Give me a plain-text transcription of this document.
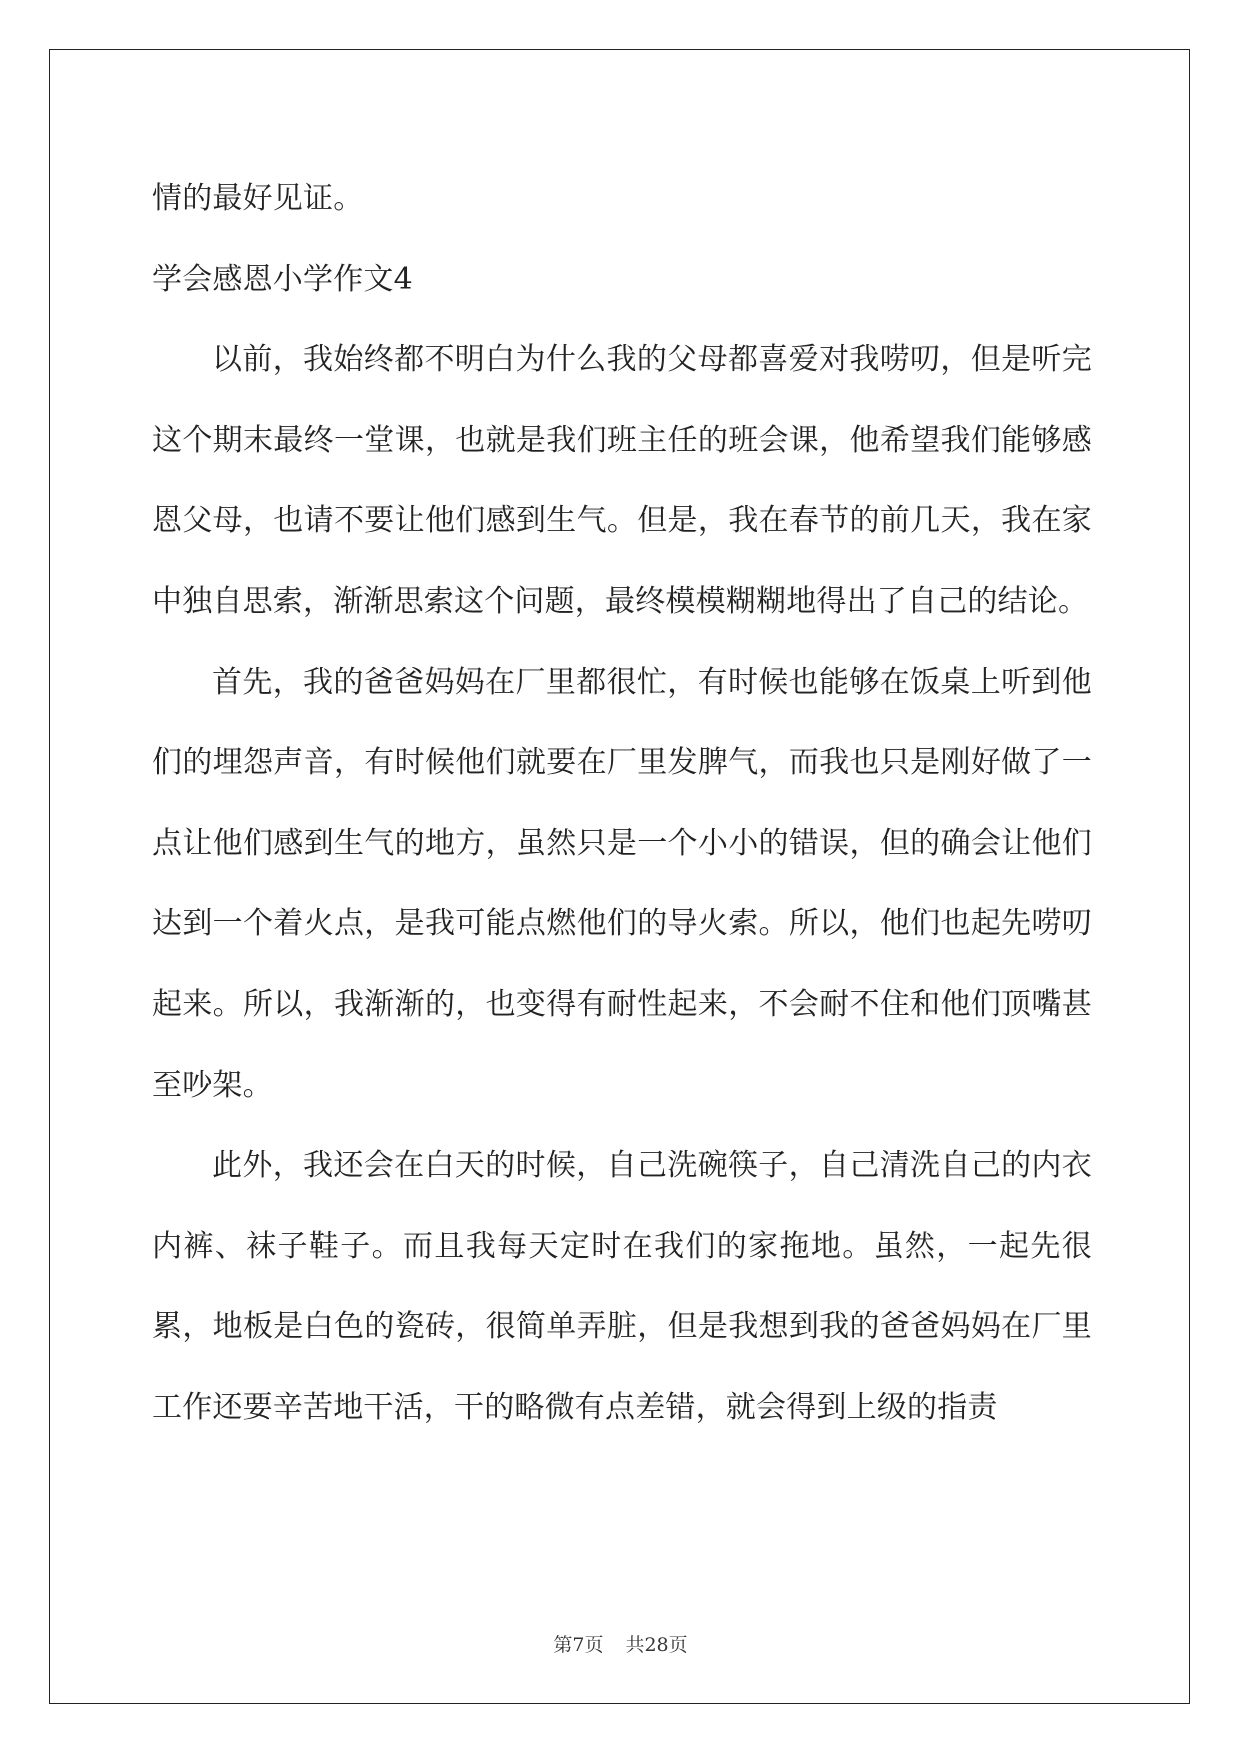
情的最好见证。

学会感恩小学作文4

以前，我始终都不明白为什么我的父母都喜爱对我唠叨，但是听完这个期末最终一堂课，也就是我们班主任的班会课，他希望我们能够感恩父母，也请不要让他们感到生气。但是，我在春节的前几天，我在家中独自思索，渐渐思索这个问题，最终模模糊糊地得出了自己的结论。

首先，我的爸爸妈妈在厂里都很忙，有时候也能够在饭桌上听到他们的埋怨声音，有时候他们就要在厂里发脾气，而我也只是刚好做了一点让他们感到生气的地方，虽然只是一个小小的错误，但的确会让他们达到一个着火点，是我可能点燃他们的导火索。所以，他们也起先唠叨起来。所以，我渐渐的，也变得有耐性起来，不会耐不住和他们顶嘴甚至吵架。

此外，我还会在白天的时候，自己洗碗筷子，自己清洗自己的内衣内裤、袜子鞋子。而且我每天定时在我们的家拖地。虽然，一起先很累，地板是白色的瓷砖，很简单弄脏，但是我想到我的爸爸妈妈在厂里工作还要辛苦地干活，干的略微有点差错，就会得到上级的指责

第7页 共28页
